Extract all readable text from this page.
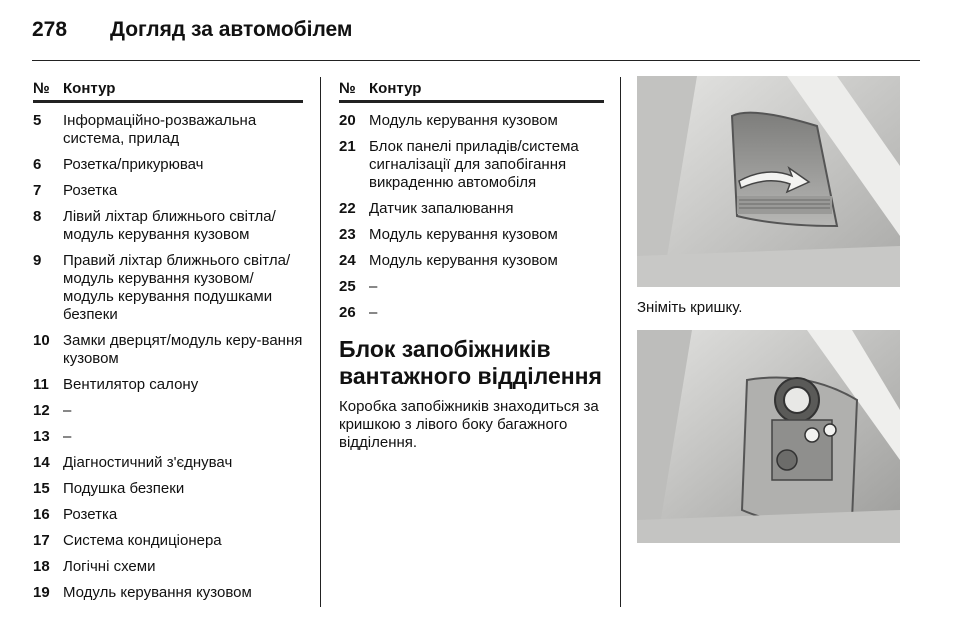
278	Догляд за автомобілем
№ Контур
5	Інформаційно-розважальна система, прилад
6	Розетка/прикурювач
7	Розетка
8	Лівий ліхтар ближнього світла/модуль керування кузовом
9	Правий ліхтар ближнього світла/модуль керування кузовом/модуль керування подушками безпеки
10 Замки дверцят/модуль керу-вання кузовом
11 Вентилятор салону
12 –
13 –
14 Діагностичний з'єднувач
15 Подушка безпеки
16 Розетка
17 Система кондиціонера
18 Логічні схеми
19 Модуль керування кузовом
№ Контур
20 Модуль керування кузовом
21 Блок панелі приладів/система сигналізації для запобігання викраденню автомобіля
22 Датчик запалювання
23 Модуль керування кузовом
24 Модуль керування кузовом
25 –
26 –
Блок запобіжників вантажного відділення
Коробка запобіжників знаходиться за кришкою з лівого боку багажного відділення.
Зніміть кришку.
